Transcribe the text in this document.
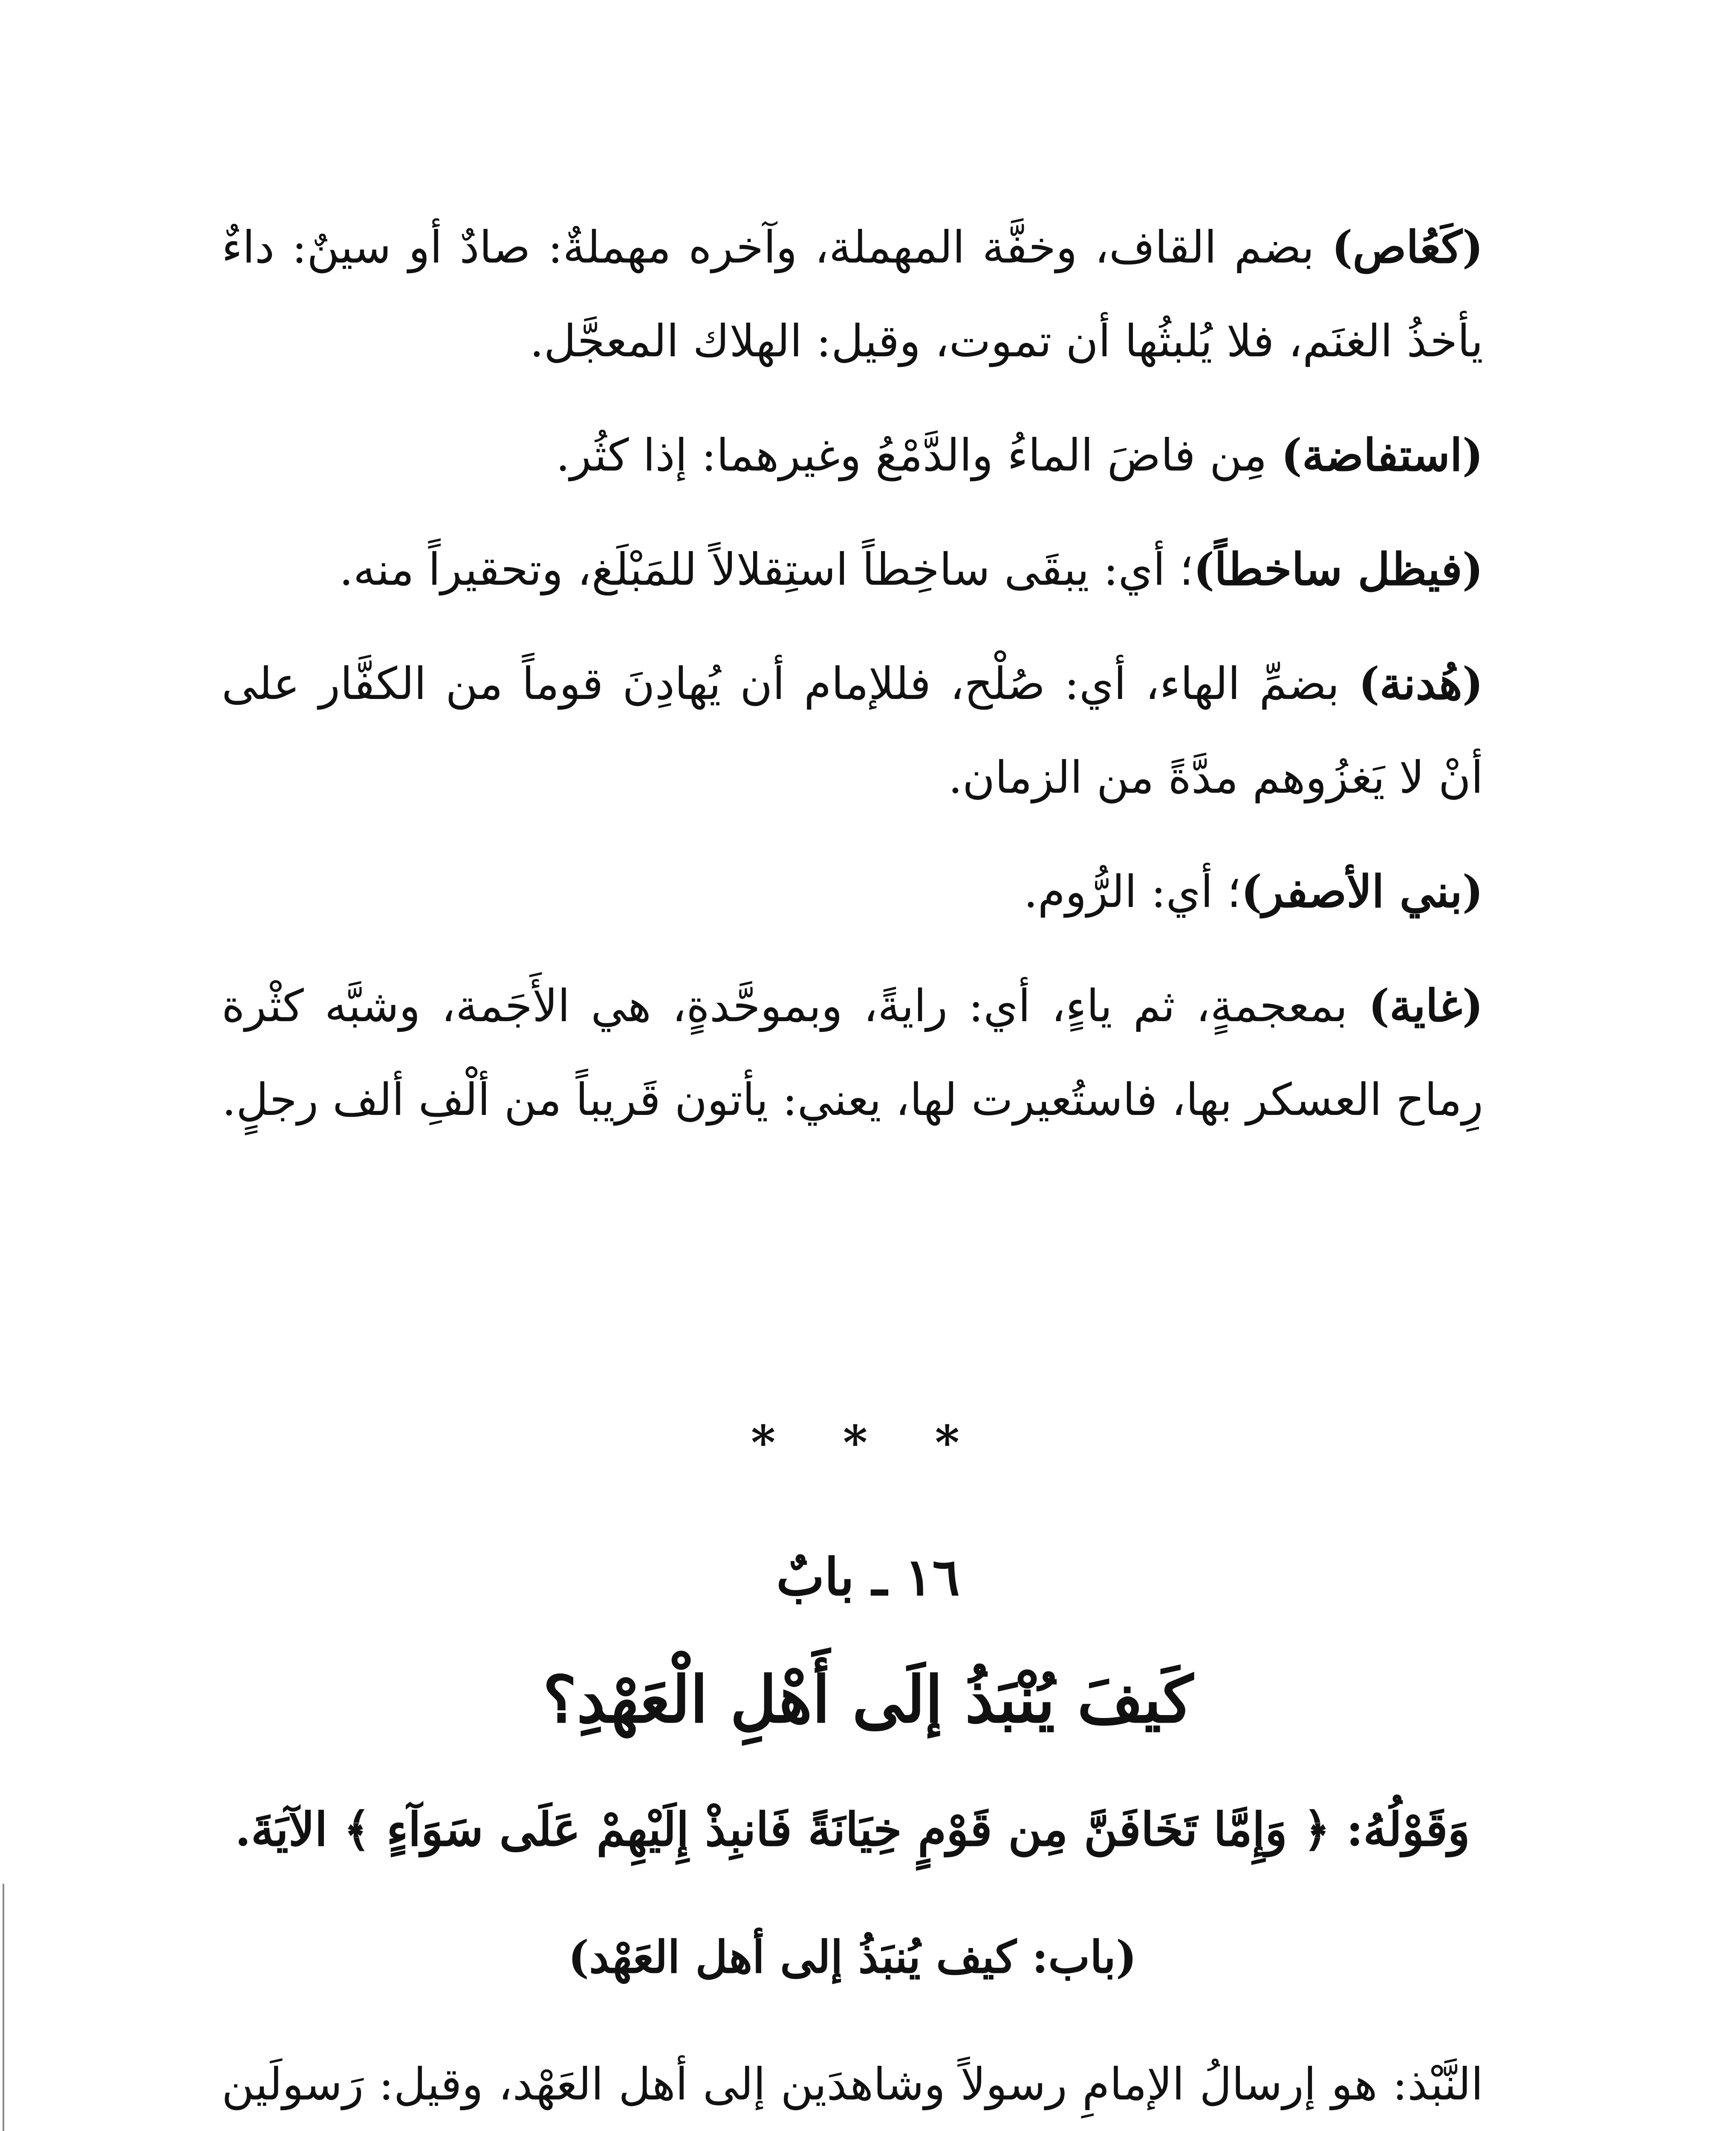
(كَعُاص) بضم القاف، وخفَّة المهملة، وآخره مهملةٌ: صادٌ أو سينٌ: داءٌ يأخذُ الغنَم، فلا يُلبثُها أن تموت، وقيل: الهلاك المعجَّل.

(استفاضة) مِن فاضَ الماءُ والدَّمْعُ وغيرهما: إذا كثُر.

(فيظل ساخطاً)؛ أي: يبقَى ساخِطاً استِقلالاً للمَبْلَغ، وتحقيراً منه.

(هُدنة) بضمِّ الهاء، أي: صُلْح، فللإمام أن يُهادِنَ قوماً من الكفَّار على أنْ لا يَغزُوهم مدَّةً من الزمان.

(بني الأصفر)؛ أي: الرُّوم.

(غاية) بمعجمةٍ، ثم ياءٍ، أي: رايةً، وبموحَّدةٍ، هي الأَجَمة، وشبَّه كثْرة رِماح العسكر بها، فاستُعيرت لها، يعني: يأتون قَريباً من ألْفِ ألف رجلٍ.

* * *
١٦ ـ بابٌ
كَيفَ يُنْبَذُ إلَى أَهْلِ الْعَهْدِ؟
وَقَوْلُهُ: ﴿ وَإِمَّا تَخَافَنَّ مِن قَوْمٍ خِيَانَةً فَانبِذْ إِلَيْهِمْ عَلَى سَوَآءٍ ﴾ الآيَةَ.
(باب: كيف يُنبَذُ إلى أهل العَهْد)

النَّبْذ: هو إرسالُ الإمامِ رسولاً وشاهدَين إلى أهل العَهْد، وقيل: رَسولَين
